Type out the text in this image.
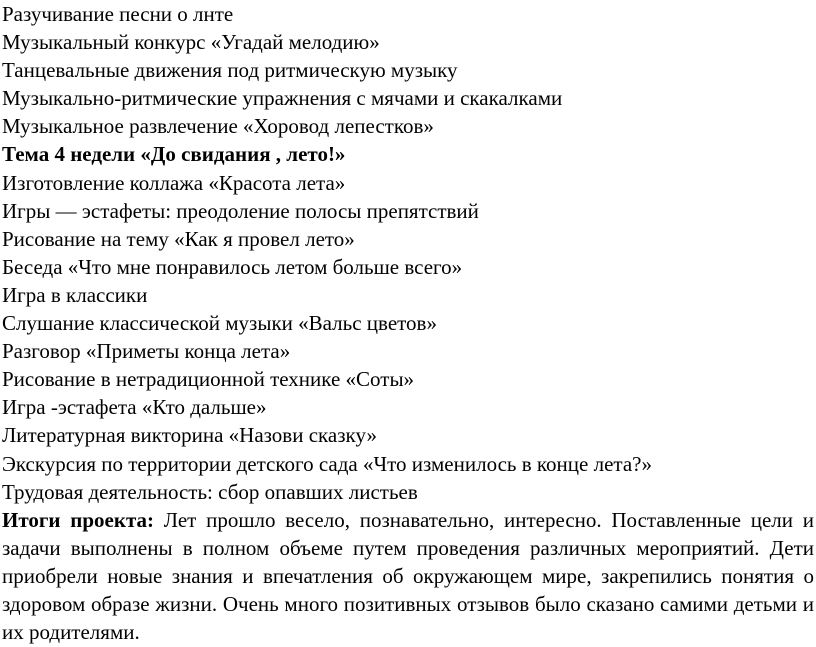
Разучивание песни о лнте
Музыкальный конкурс «Угадай мелодию»
Танцевальные движения под ритмическую музыку
Музыкально-ритмические упражнения с мячами и скакалками
Музыкальное развлечение «Хоровод лепестков»
Тема 4 недели «До свидания , лето!»
Изготовление коллажа «Красота лета»
Игры — эстафеты: преодоление полосы препятствий
Рисование на тему «Как я провел лето»
Беседа «Что мне понравилось летом больше всего»
Игра в классики
Слушание классической музыки «Вальс цветов»
Разговор «Приметы конца лета»
Рисование в нетрадиционной технике «Соты»
Игра -эстафета «Кто дальше»
Литературная викторина «Назови сказку»
Экскурсия по территории детского сада «Что изменилось в конце лета?»
Трудовая деятельность: сбор опавших листьев

Итоги проекта: Лет прошло весело, познавательно, интересно. Поставленные цели и задачи выполнены в полном объеме путем проведения различных мероприятий. Дети приобрели новые знания и впечатления об окружающем мире, закрепились понятия о здоровом образе жизни. Очень много позитивных отзывов было сказано самими детьми и их родителями.
